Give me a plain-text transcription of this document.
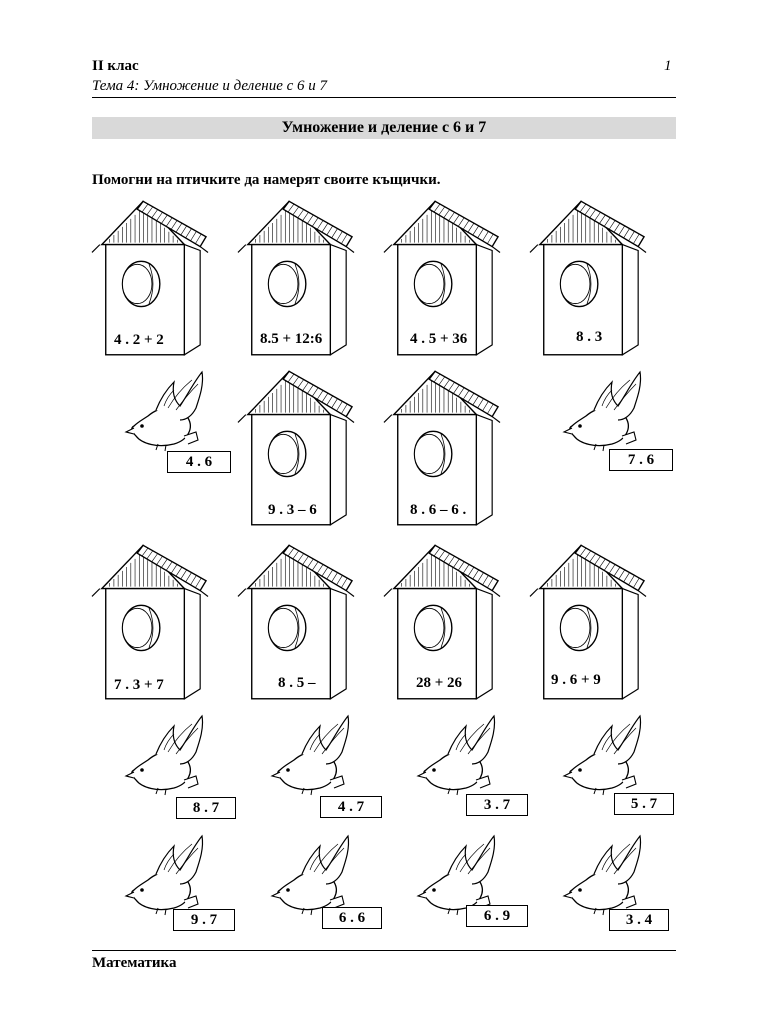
II клас	1
Тема 4: Умножение и деление с 6 и 7
Умножение и деление с 6 и 7
Помогни на птичките да намерят своите къщички.
4 . 2 + 2	8.5 + 12:6	4 . 5 + 36	8 . 3
9 . 3 – 6	8 . 6 – 6 .
7 . 3 + 7	8 . 5 –	28 + 26	9 . 6 + 9
4 . 6	7 . 6
8 . 7	4 . 7	3 . 7	5 . 7
9 . 7	6 . 6	6 . 9	3 . 4
Математика
